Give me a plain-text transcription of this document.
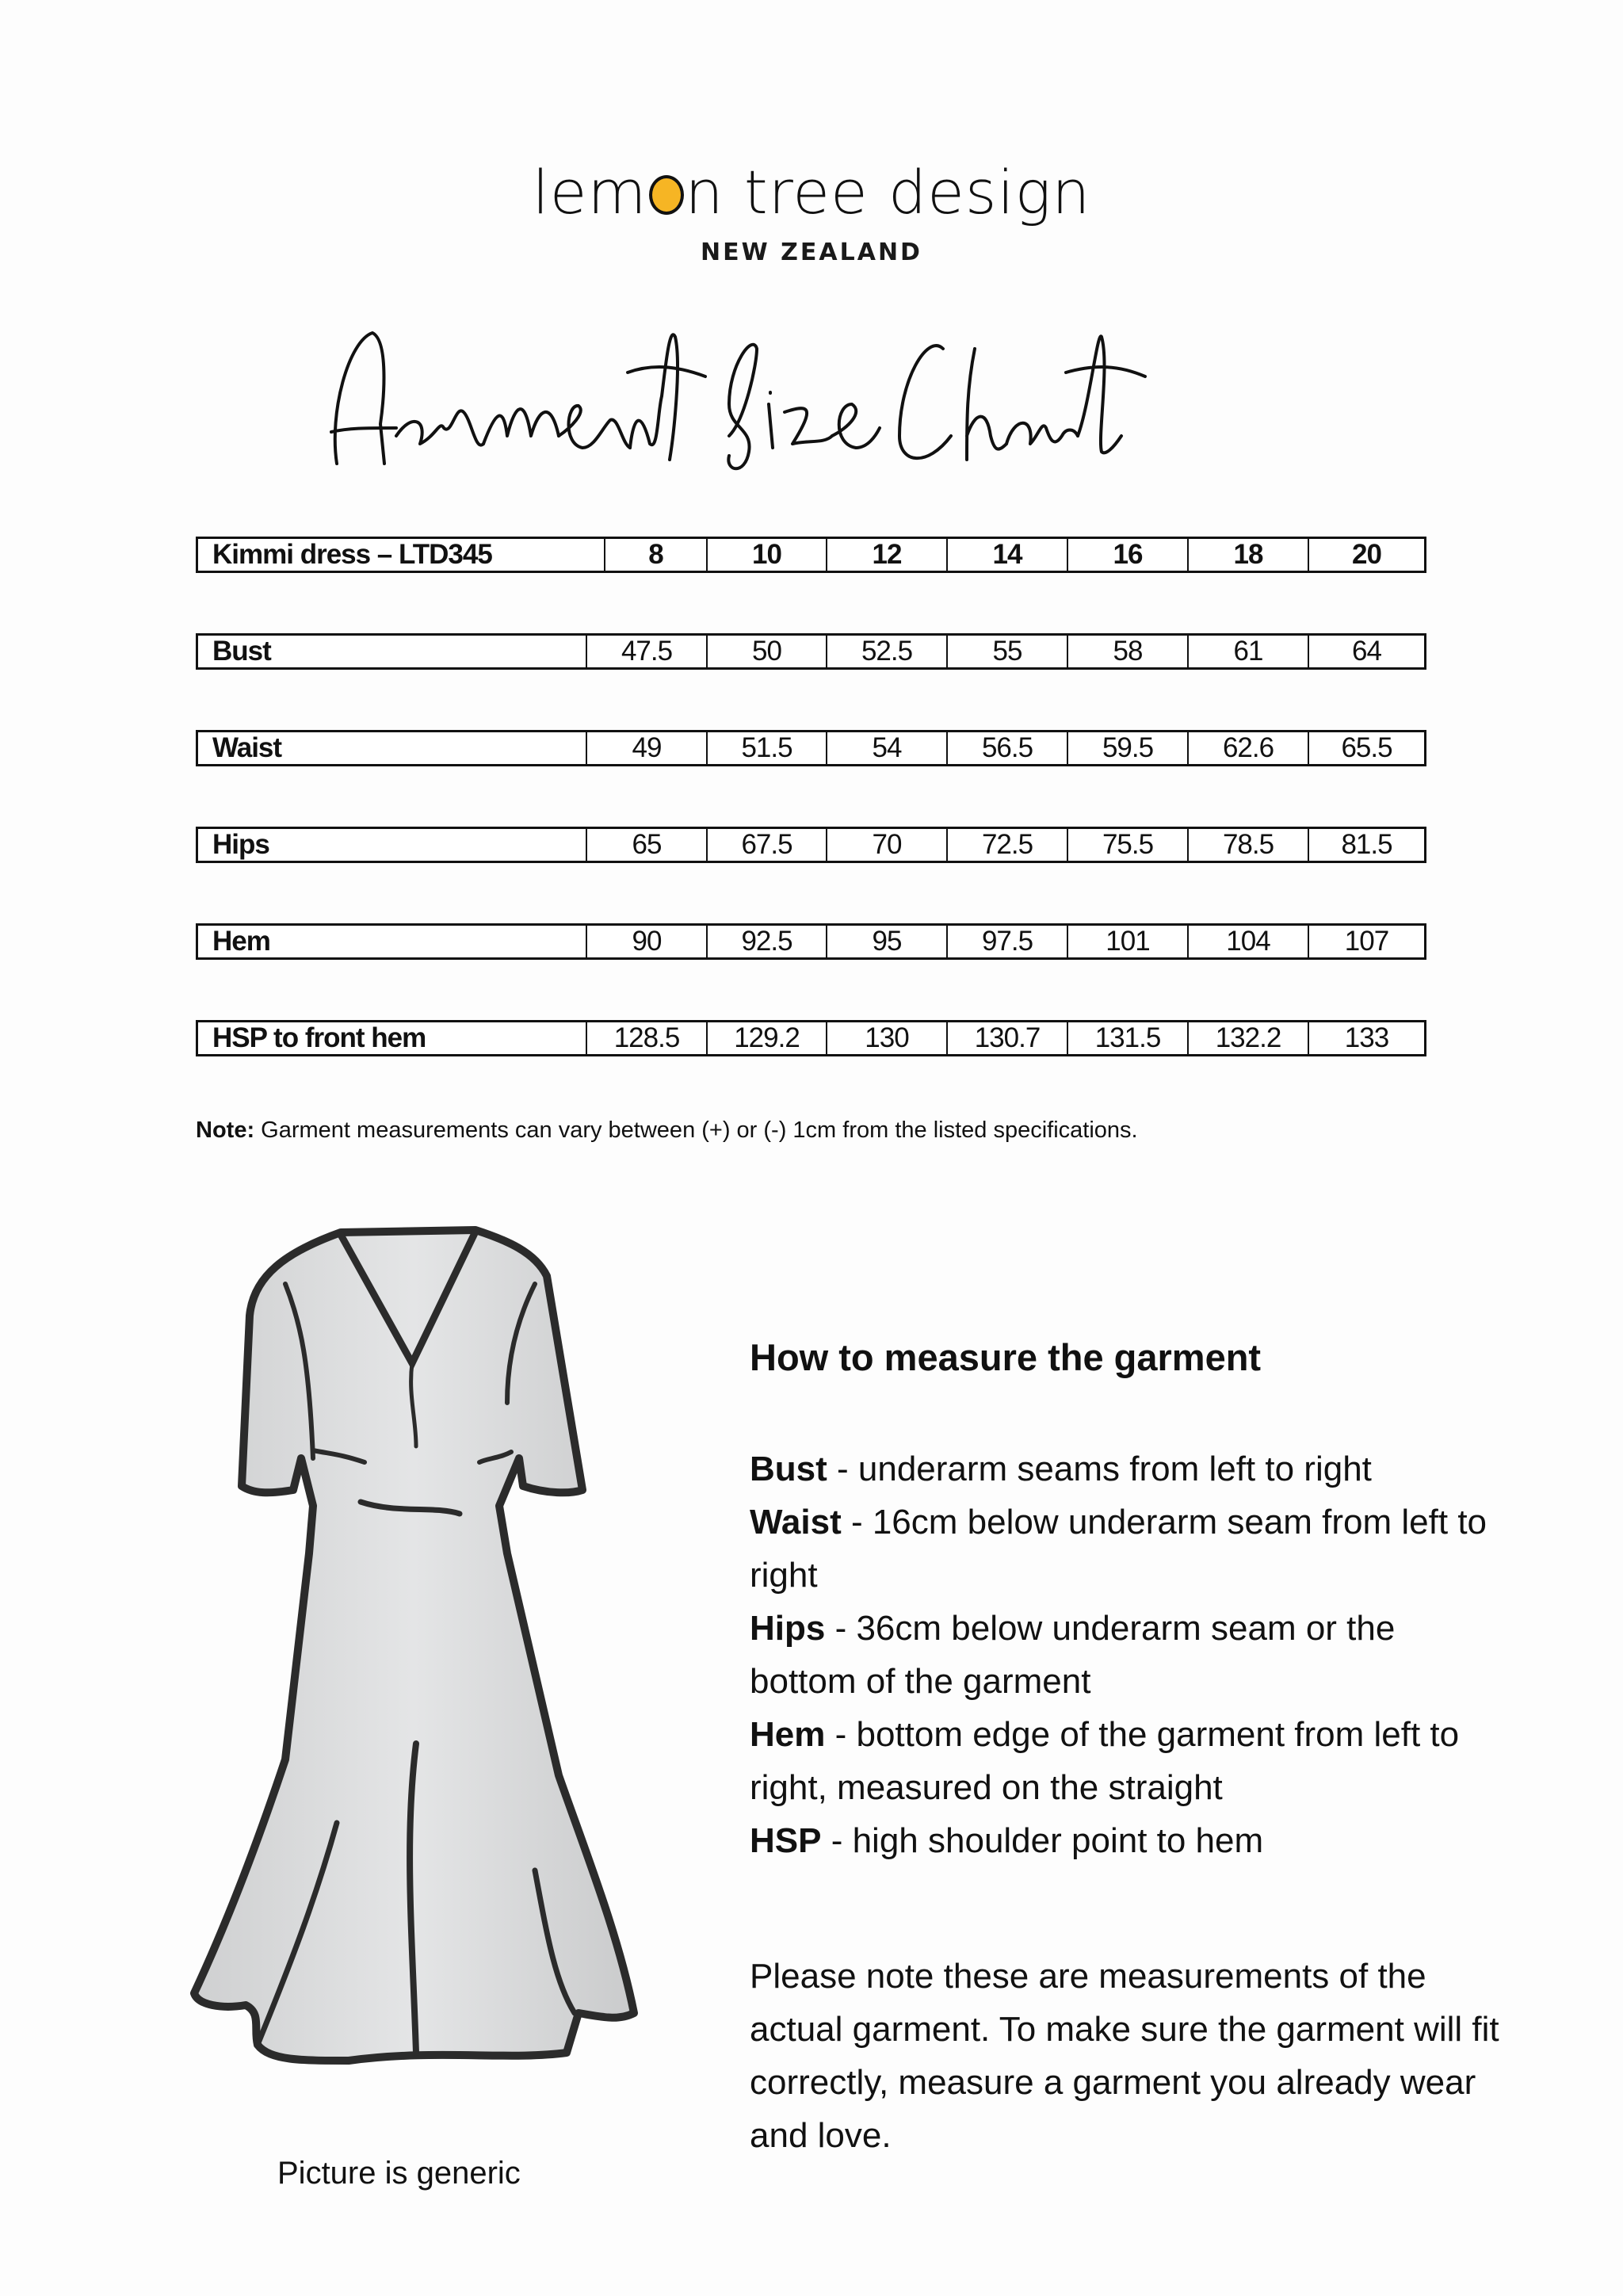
lem n tree design
NEW ZEALAND
Kimmi dress – LTD345	8	10	12	14	16	18	20
Bust	47.5	50	52.5	55	58	61	64
Waist	49	51.5	54	56.5	59.5	62.6	65.5
Hips	65	67.5	70	72.5	75.5	78.5	81.5
Hem	90	92.5	95	97.5	101	104	107
HSP to front hem	128.5	129.2	130	130.7	131.5	132.2	133
Note: Garment measurements can vary between (+) or (-) 1cm from the listed specifications.
Picture is generic
How to measure the garment

Bust - underarm seams from left to right

Waist - 16cm below underarm seam from left to right

Hips - 36cm below underarm seam or the bottom of the garment

Hem - bottom edge of the garment from left to right, measured on the straight

HSP - high shoulder point to hem

Please note these are measurements of the actual garment. To make sure the garment will fit correctly, measure a garment you already wear and love.
